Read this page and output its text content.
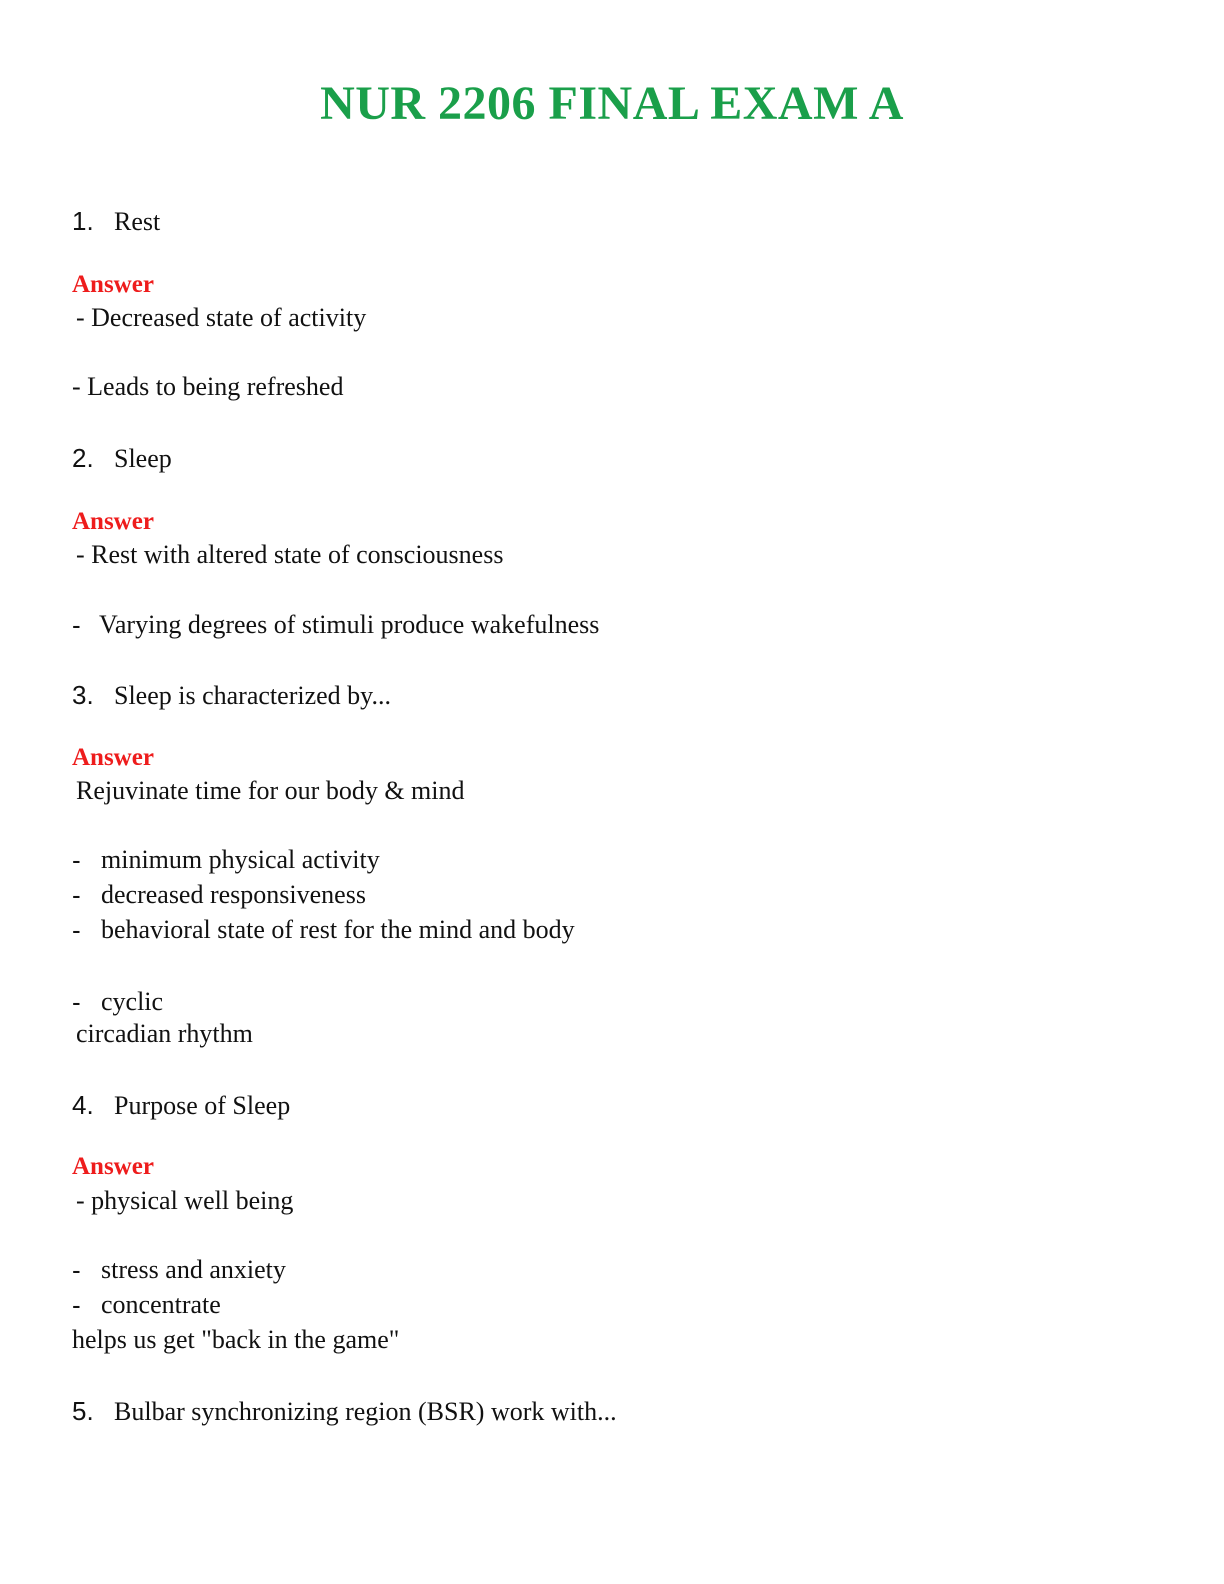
NUR 2206 FINAL EXAM A
1. Rest
Answer
- Decreased state of activity
- Leads to being refreshed
2. Sleep
Answer
- Rest with altered state of consciousness
- Varying degrees of stimuli produce wakefulness
3. Sleep is characterized by...
Answer
Rejuvinate time for our body & mind
- minimum physical activity
- decreased responsiveness
- behavioral state of rest for the mind and body
- cyclic
circadian rhythm
4. Purpose of Sleep
Answer
- physical well being
- stress and anxiety
- concentrate
helps us get "back in the game"
5. Bulbar synchronizing region (BSR) work with...
